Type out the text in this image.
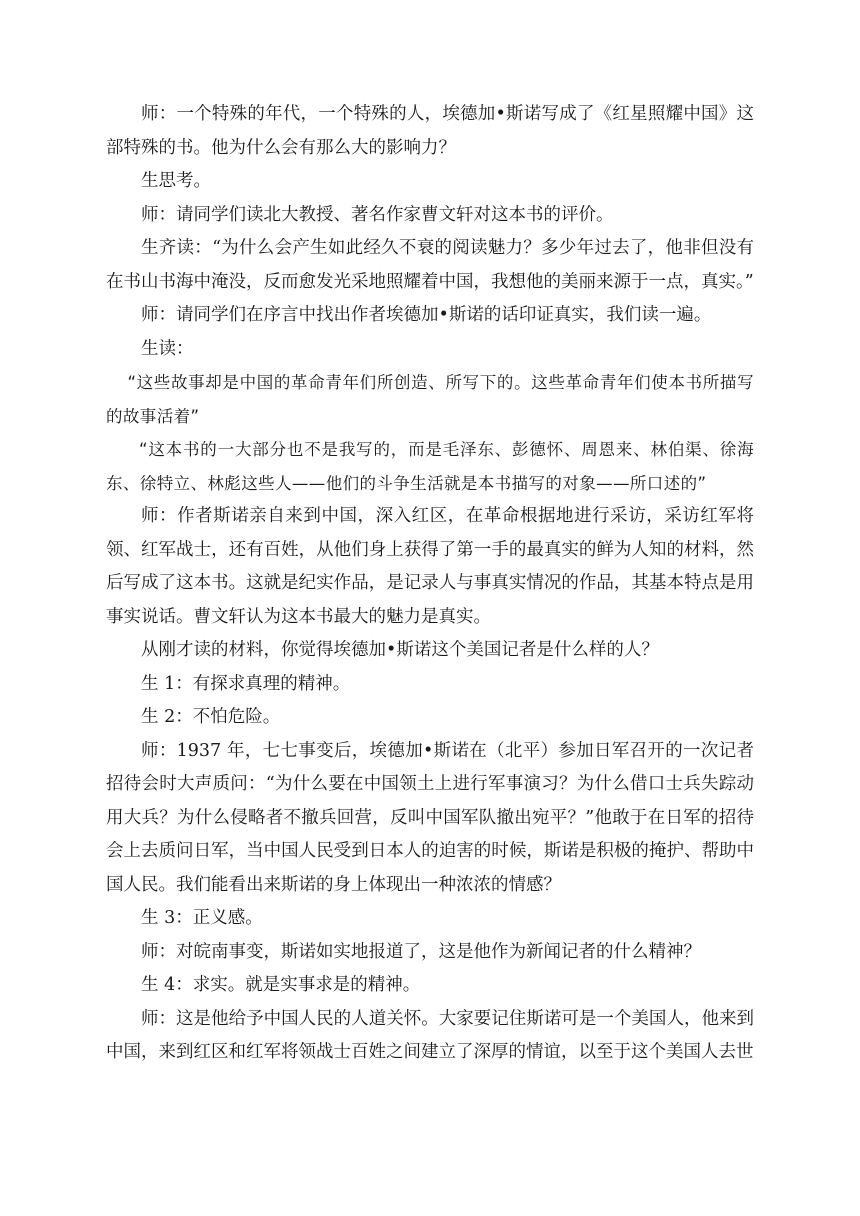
师：一个特殊的年代，一个特殊的人，埃德加•斯诺写成了《红星照耀中国》这部特殊的书。他为什么会有那么大的影响力？

生思考。

师：请同学们读北大教授、著名作家曹文轩对这本书的评价。

生齐读：“为什么会产生如此经久不衰的阅读魅力？多少年过去了，他非但没有在书山书海中淹没，反而愈发光采地照耀着中国，我想他的美丽来源于一点，真实。”

师：请同学们在序言中找出作者埃德加•斯诺的话印证真实，我们读一遍。

生读：

“这些故事却是中国的革命青年们所创造、所写下的。这些革命青年们使本书所描写的故事活着”

“这本书的一大部分也不是我写的，而是毛泽东、彭德怀、周恩来、林伯渠、徐海东、徐特立、林彪这些人——他们的斗争生活就是本书描写的对象——所口述的”

师：作者斯诺亲自来到中国，深入红区，在革命根据地进行采访，采访红军将领、红军战士，还有百姓，从他们身上获得了第一手的最真实的鲜为人知的材料，然后写成了这本书。这就是纪实作品，是记录人与事真实情况的作品，其基本特点是用事实说话。曹文轩认为这本书最大的魅力是真实。

从刚才读的材料，你觉得埃德加•斯诺这个美国记者是什么样的人？

生 1：有探求真理的精神。

生 2：不怕危险。

师：1937 年，七七事变后，埃德加•斯诺在（北平）参加日军召开的一次记者招待会时大声质问：“为什么要在中国领土上进行军事演习？为什么借口士兵失踪动用大兵？为什么侵略者不撤兵回营，反叫中国军队撤出宛平？”他敢于在日军的招待会上去质问日军，当中国人民受到日本人的迫害的时候，斯诺是积极的掩护、帮助中国人民。我们能看出来斯诺的身上体现出一种浓浓的情感？

生 3：正义感。

师：对皖南事变，斯诺如实地报道了，这是他作为新闻记者的什么精神？

生 4：求实。就是实事求是的精神。

师：这是他给予中国人民的人道关怀。大家要记住斯诺可是一个美国人，他来到中国，来到红区和红军将领战士百姓之间建立了深厚的情谊，以至于这个美国人去世
